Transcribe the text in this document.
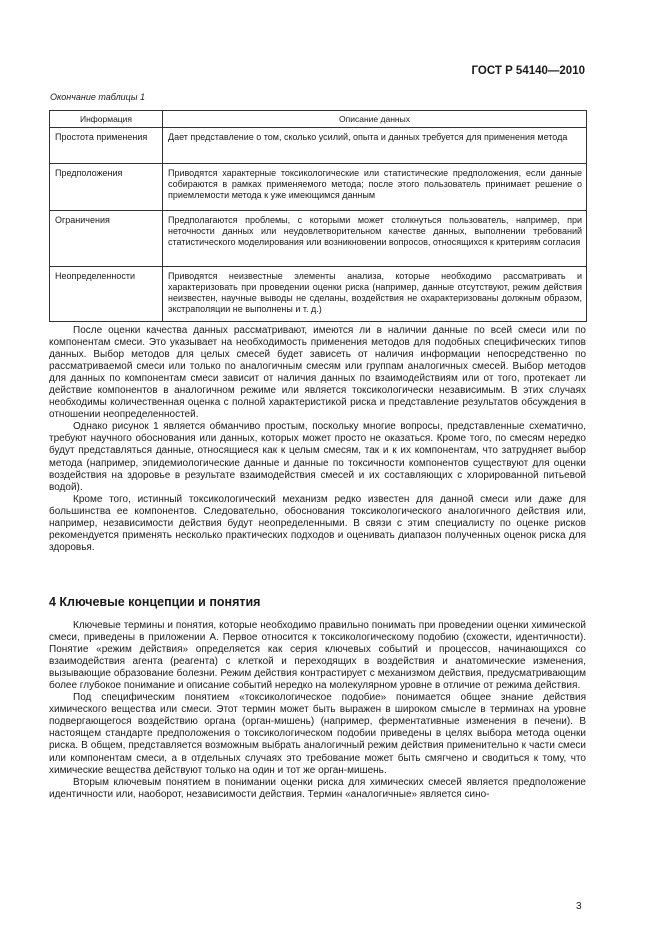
ГОСТ Р 54140—2010
Окончание таблицы 1
Информация	Описание данных
Простота применения	Дает представление о том, сколько усилий, опыта и данных требуется для применения метода
Предположения	Приводятся характерные токсикологические или статистические предположения, если данные собираются в рамках применяемого метода; после этого пользователь принимает решение о приемлемости метода к уже имеющимся данным
Ограничения	Предполагаются проблемы, с которыми может столкнуться пользователь, например, при неточности данных или неудовлетворительном качестве данных, выполнении требований статистического моделирования или возникновении вопросов, относящихся к критериям согласия
Неопределенности	Приводятся неизвестные элементы анализа, которые необходимо рассматривать и характеризовать при проведении оценки риска (например, данные отсутствуют, режим действия неизвестен, научные выводы не сделаны, воздействия не охарактеризованы должным образом, экстраполяции не выполнены и т. д.)

После оценки качества данных рассматривают, имеются ли в наличии данные по всей смеси или по компонентам смеси. Это указывает на необходимость применения методов для подобных специфических типов данных. Выбор методов для целых смесей будет зависеть от наличия информации непосредственно по рассматриваемой смеси или только по аналогичным смесям или группам аналогичных смесей. Выбор методов для данных по компонентам смеси зависит от наличия данных по взаимодействиям или от того, протекает ли действие компонентов в аналогичном режиме или является токсикологически независимым. В этих случаях необходимы количественная оценка с полной характеристикой риска и представление результатов обсуждения в отношении неопределенностей.

Однако рисунок 1 является обманчиво простым, поскольку многие вопросы, представленные схематично, требуют научного обоснования или данных, которых может просто не оказаться. Кроме того, по смесям нередко будут представляться данные, относящиеся как к целым смесям, так и к их компонентам, что затрудняет выбор метода (например, эпидемиологические данные и данные по токсичности компонентов существуют для оценки воздействия на здоровье в результате взаимодействия смесей и их составляющих с хлорированной питьевой водой).

Кроме того, истинный токсикологический механизм редко известен для данной смеси или даже для большинства ее компонентов. Следовательно, обоснования токсикологического аналогичного действия или, например, независимости действия будут неопределенными. В связи с этим специалисту по оценке рисков рекомендуется применять несколько практических подходов и оценивать диапазон полученных оценок риска для здоровья.

4 Ключевые концепции и понятия

Ключевые термины и понятия, которые необходимо правильно понимать при проведении оценки химической смеси, приведены в приложении А. Первое относится к токсикологическому подобию (схожести, идентичности). Понятие «режим действия» определяется как серия ключевых событий и процессов, начинающихся со взаимодействия агента (реагента) с клеткой и переходящих в воздействия и анатомические изменения, вызывающие образование болезни. Режим действия контрастирует с механизмом действия, предусматривающим более глубокое понимание и описание событий нередко на молекулярном уровне в отличие от режима действия.

Под специфическим понятием «токсикологическое подобие» понимается общее знание действия химического вещества или смеси. Этот термин может быть выражен в широком смысле в терминах на уровне подвергающегося воздействию органа (орган-мишень) (например, ферментативные изменения в печени). В настоящем стандарте предположения о токсикологическом подобии приведены в целях выбора метода оценки риска. В общем, представляется возможным выбрать аналогичный режим действия применительно к части смеси или компонентам смеси, а в отдельных случаях это требование может быть смягчено и сводиться к тому, что химические вещества действуют только на один и тот же орган-мишень.

Вторым ключевым понятием в понимании оценки риска для химических смесей является предположение идентичности или, наоборот, независимости действия. Термин «аналогичные» является сино-

3
